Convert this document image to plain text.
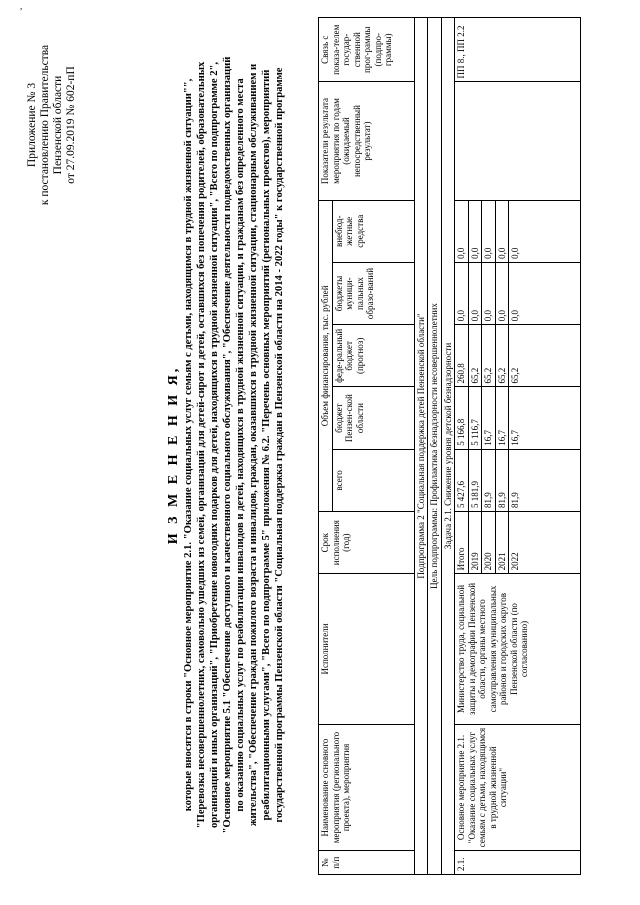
,
Приложение № 3 к постановлению Правительства Пензенской области от 27.09.2019 № 602-пП
И З М Е Н Е Н И Я, которые вносятся в строки "Основное мероприятие 2.1. "Оказание социальных услуг семьям с детьми, находящимся в трудной жизненной ситуации"", "Перевозка несовершеннолетних, самовольно ушедших из семей, организаций для детей-сирот и детей, оставшихся без попечения родителей, образовательных организаций и иных организаций", "Приобретение новогодних подарков для детей, находящихся в трудной жизненной ситуации", "Всего по подпрограмме 2", "Основное мероприятие 5.1 "Обеспечение доступного и качественного социального обслуживания", "Обеспечение деятельности подведомственных организаций по оказанию социальных услуг по реабилитации инвалидов и детей, находящихся в трудной жизненной ситуации, и гражданам без определенного места жительства", "Обеспечение граждан пожилого возраста и инвалидов, граждан, оказавшихся в трудной жизненной ситуации, стационарным обслуживанием и реабилитационными услугами", "Всего по подпрограмме 5" приложения № 6.2. "Перечень основных мероприятий (региональных проектов), мероприятий государственной программы Пензенской области "Социальная поддержка граждан в Пензенской области на 2014 - 2022 годы" к государственной программе
№ п/п	Наименование основного мероприятия (регионального проекта), мероприятия	Исполнители	Срок исполнения (год)	Объем финансирования, тыс. рублей					Показатели результата мероприятия по годам (ожидаемый непосредственный результат)	Связь с показа-телем государ-ственной прог-раммы (подпро-граммы)
				всего	бюджет Пензен-ской области	феде-ральный бюджет (прогноз)	бюджеты муници-пальных образо-ваний	внебюд-жетные средства		
Подпрограмма 2 "Социальная поддержка детей Пензенской области"										
Цель подпрограммы: Профилактика безнадзорности несовершеннолетних										
Задача 2.1. Снижение уровня детской безнадзорности										
2.1.	Основное мероприятие 2.1. "Оказание социальных услуг семьям с детьми, находящимся в трудной жизненной ситуации"	Министерство труда, социальной защиты и демографии Пензенской области, органы местного самоуправления муниципальных районов и городских округов Пензенской области (по согласованию)	Итого	5 427,6	5 166,8	260,8	0,0	0,0		ПП 8., ПП 2.2
			2019	5 181,9	5 116,7	65,2	0,0	0,0		
			2020	81,9	16,7	65,2	0,0	0,0		
			2021	81,9	16,7	65,2	0,0	0,0		
			2022	81,9	16,7	65,2	0,0	0,0		
